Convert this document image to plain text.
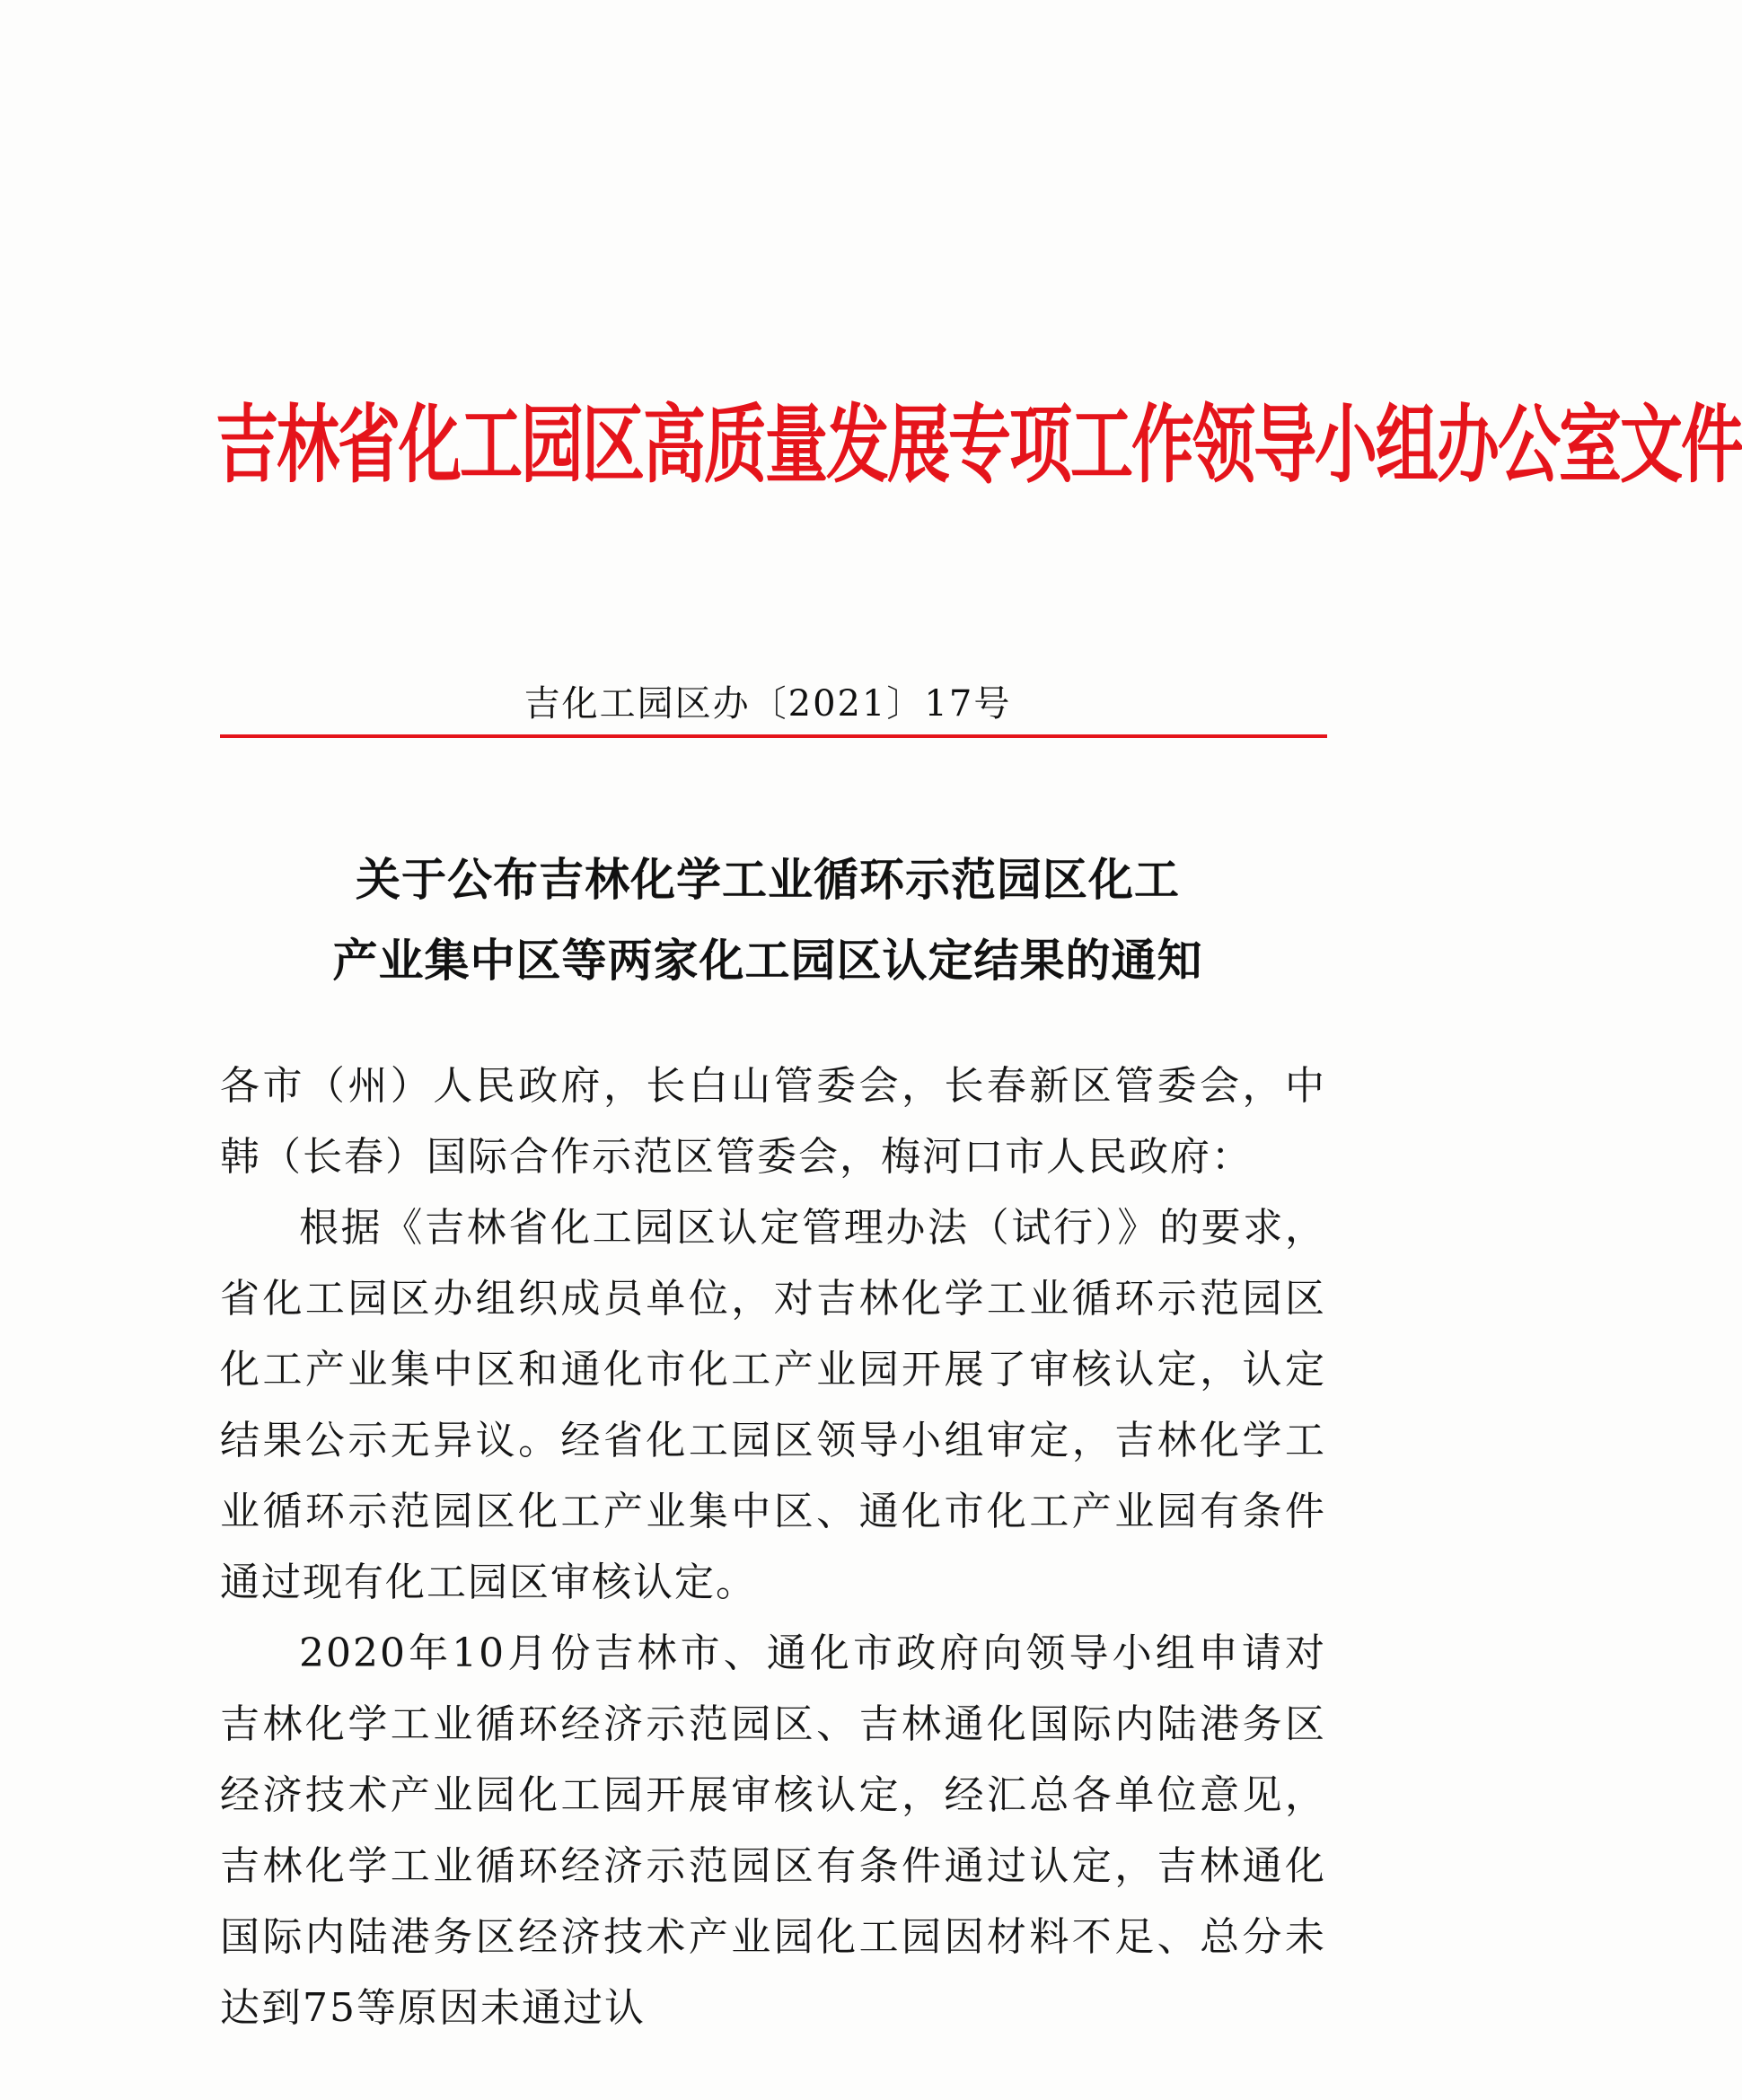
吉林省化工园区高质量发展专项工作领导小组办公室文件
吉化工园区办〔2021〕17号
关于公布吉林化学工业循环示范园区化工
产业集中区等两家化工园区认定结果的通知

各市（州）人民政府，长白山管委会，长春新区管委会，中韩（长春）国际合作示范区管委会，梅河口市人民政府：

根据《吉林省化工园区认定管理办法（试行）》的要求，省化工园区办组织成员单位，对吉林化学工业循环示范园区化工产业集中区和通化市化工产业园开展了审核认定，认定结果公示无异议。经省化工园区领导小组审定，吉林化学工业循环示范园区化工产业集中区、通化市化工产业园有条件通过现有化工园区审核认定。

2020年10月份吉林市、通化市政府向领导小组申请对吉林化学工业循环经济示范园区、吉林通化国际内陆港务区经济技术产业园化工园开展审核认定，经汇总各单位意见，吉林化学工业循环经济示范园区有条件通过认定，吉林通化国际内陆港务区经济技术产业园化工园因材料不足、总分未达到75等原因未通过认
